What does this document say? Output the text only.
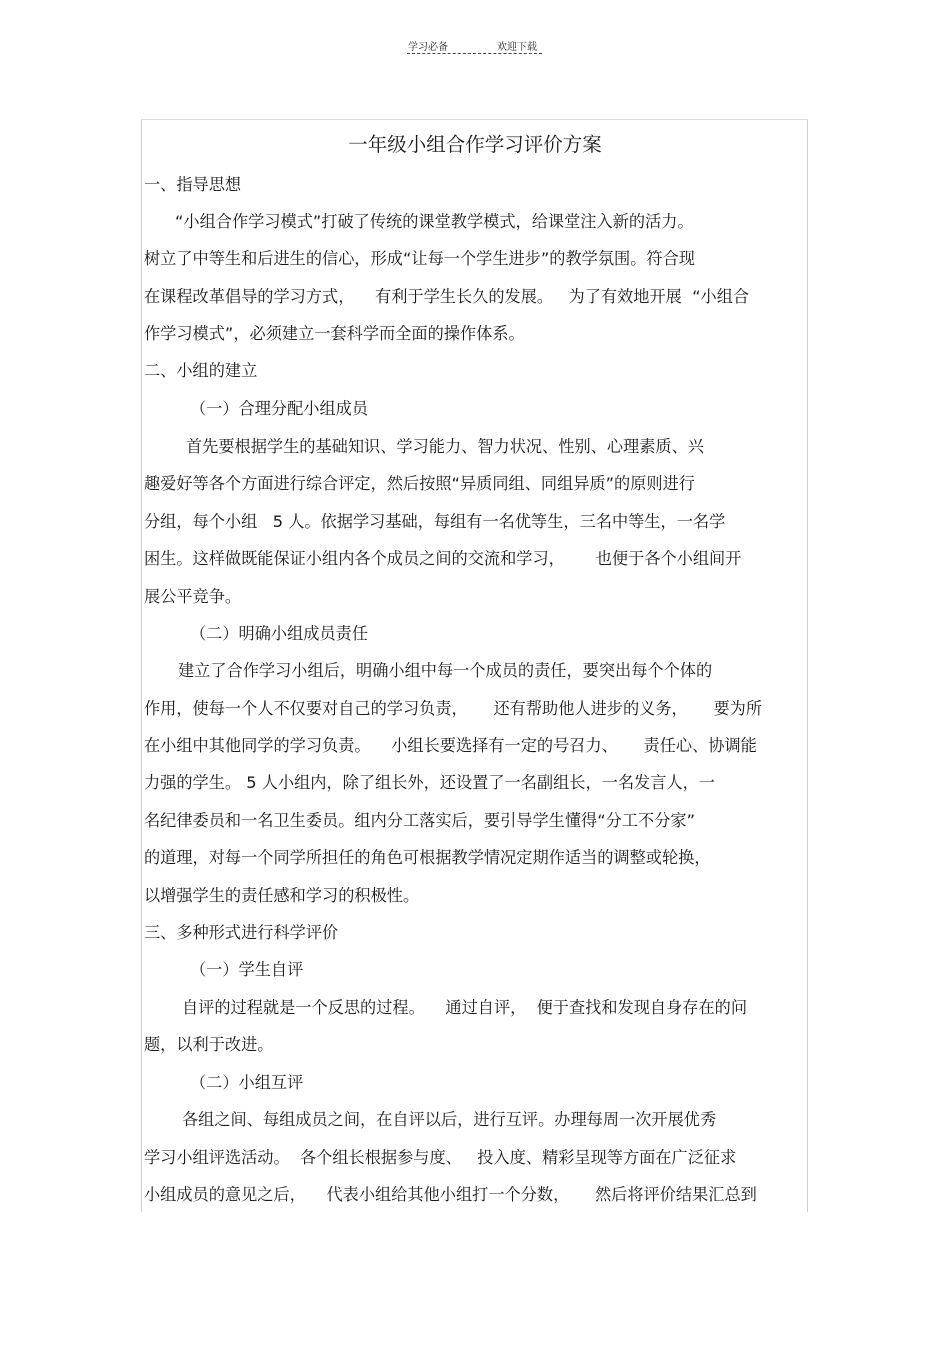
学习必备	欢迎下载
一年级小组合作学习评价方案
一、指导思想
“小组合作学习模式”打破了传统的课堂教学模式，给课堂注入新的活力。
树立了中等生和后进生的信心，形成“让每一个学生进步”的教学氛围。符合现
在课程改革倡导的学习方式，    有利于学生长久的发展。   为了有效地开展  “小组合
作学习模式”，必须建立一套科学而全面的操作体系。
二、小组的建立
（一）合理分配小组成员
首先要根据学生的基础知识、学习能力、智力状况、性别、心理素质、兴
趣爱好等各个方面进行综合评定，然后按照“异质同组、同组异质”的原则进行
分组，每个小组   5 人。依据学习基础，每组有一名优等生，三名中等生，一名学
困生。这样做既能保证小组内各个成员之间的交流和学习，      也便于各个小组间开
展公平竞争。
（二）明确小组成员责任
建立了合作学习小组后，明确小组中每一个成员的责任，要突出每个个体的
作用，使每一个人不仅要对自己的学习负责，     还有帮助他人进步的义务，     要为所
在小组中其他同学的学习负责。    小组长要选择有一定的号召力、     责任心、协调能
力强的学生。 5 人小组内，除了组长外，还设置了一名副组长，一名发言人，一
名纪律委员和一名卫生委员。组内分工落实后，要引导学生懂得“分工不分家”
的道理，对每一个同学所担任的角色可根据教学情况定期作适当的调整或轮换，
以增强学生的责任感和学习的积极性。
三、多种形式进行科学评价
（一）学生自评
自评的过程就是一个反思的过程。    通过自评，  便于查找和发现自身存在的问
题，以利于改进。
（二）小组互评
各组之间、每组成员之间，在自评以后，进行互评。办理每周一次开展优秀
学习小组评选活动。  各个组长根据参与度、   投入度、精彩呈现等方面在广泛征求
小组成员的意见之后，    代表小组给其他小组打一个分数，     然后将评价结果汇总到
